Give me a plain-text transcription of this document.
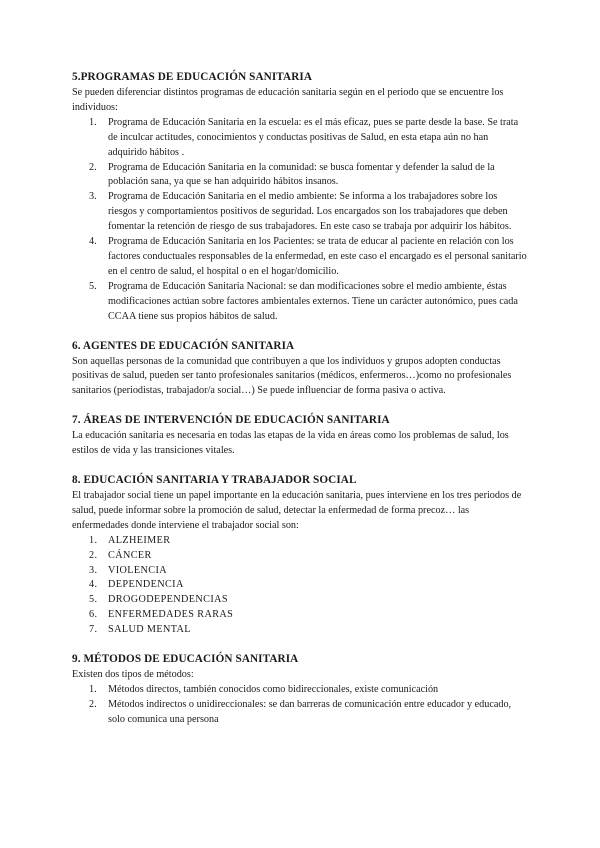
5.PROGRAMAS DE EDUCACIÓN SANITARIA

Se pueden diferenciar distintos programas de educación sanitaria según en el periodo que se encuentre los individuos:

1. Programa de Educación Sanitaria en la escuela: es el más eficaz, pues se parte desde la base. Se trata de inculcar actitudes, conocimientos y conductas positivas de Salud, en esta etapa aún no han adquirido hábitos .
2. Programa de Educación Sanitaria en la comunidad: se busca fomentar y defender la salud de la población sana, ya que se han adquirido hábitos insanos.
3. Programa de Educación Sanitaria en el medio ambiente: Se informa a los trabajadores sobre los riesgos y comportamientos positivos de seguridad. Los encargados son los trabajadores que deben fomentar la retención de riesgo de sus trabajadores. En este caso se trabaja por adquirir los hábitos.
4. Programa de Educación Sanitaria en los Pacientes: se trata de educar al paciente en relación con los factores conductuales responsables de la enfermedad, en este caso el encargado es el personal sanitario en el centro de salud, el hospital o en el hogar/domicilio.
5. Programa de Educación Sanitaria Nacional: se dan modificaciones sobre el medio ambiente, éstas modificaciones actúan sobre factores ambientales externos. Tiene un carácter autonómico, pues cada CCAA tiene sus propios hábitos de salud.
6. AGENTES DE EDUCACIÓN SANITARIA

Son aquellas personas de la comunidad que contribuyen a que los individuos y grupos adopten conductas positivas de salud, pueden ser tanto profesionales sanitarios (médicos, enfermeros…)como no profesionales sanitarios (periodistas, trabajador/a social…) Se puede influenciar de forma pasiva o activa.

7. ÁREAS DE INTERVENCIÓN DE EDUCACIÓN SANITARIA

La educación sanitaria es necesaria en todas las etapas de la vida en áreas como los problemas de salud, los estilos de vida y las transiciones vitales.

8. EDUCACIÓN SANITARIA Y TRABAJADOR SOCIAL

El trabajador social tiene un papel importante en la educación sanitaria, pues interviene en los tres periodos de salud, puede informar sobre la promoción de salud, detectar la enfermedad de forma precoz… las enfermedades donde interviene el trabajador social son:

1. ALZHEIMER
2. CÁNCER
3. VIOLENCIA
4. DEPENDENCIA
5. DROGODEPENDENCIAS
6. ENFERMEDADES RARAS
7. SALUD MENTAL
9. MÉTODOS DE EDUCACIÓN SANITARIA

Existen dos tipos de métodos:

1. Métodos directos, también conocidos como bidireccionales, existe comunicación
2. Métodos indirectos o unidireccionales: se dan barreras de comunicación entre educador y educado, solo comunica una persona
